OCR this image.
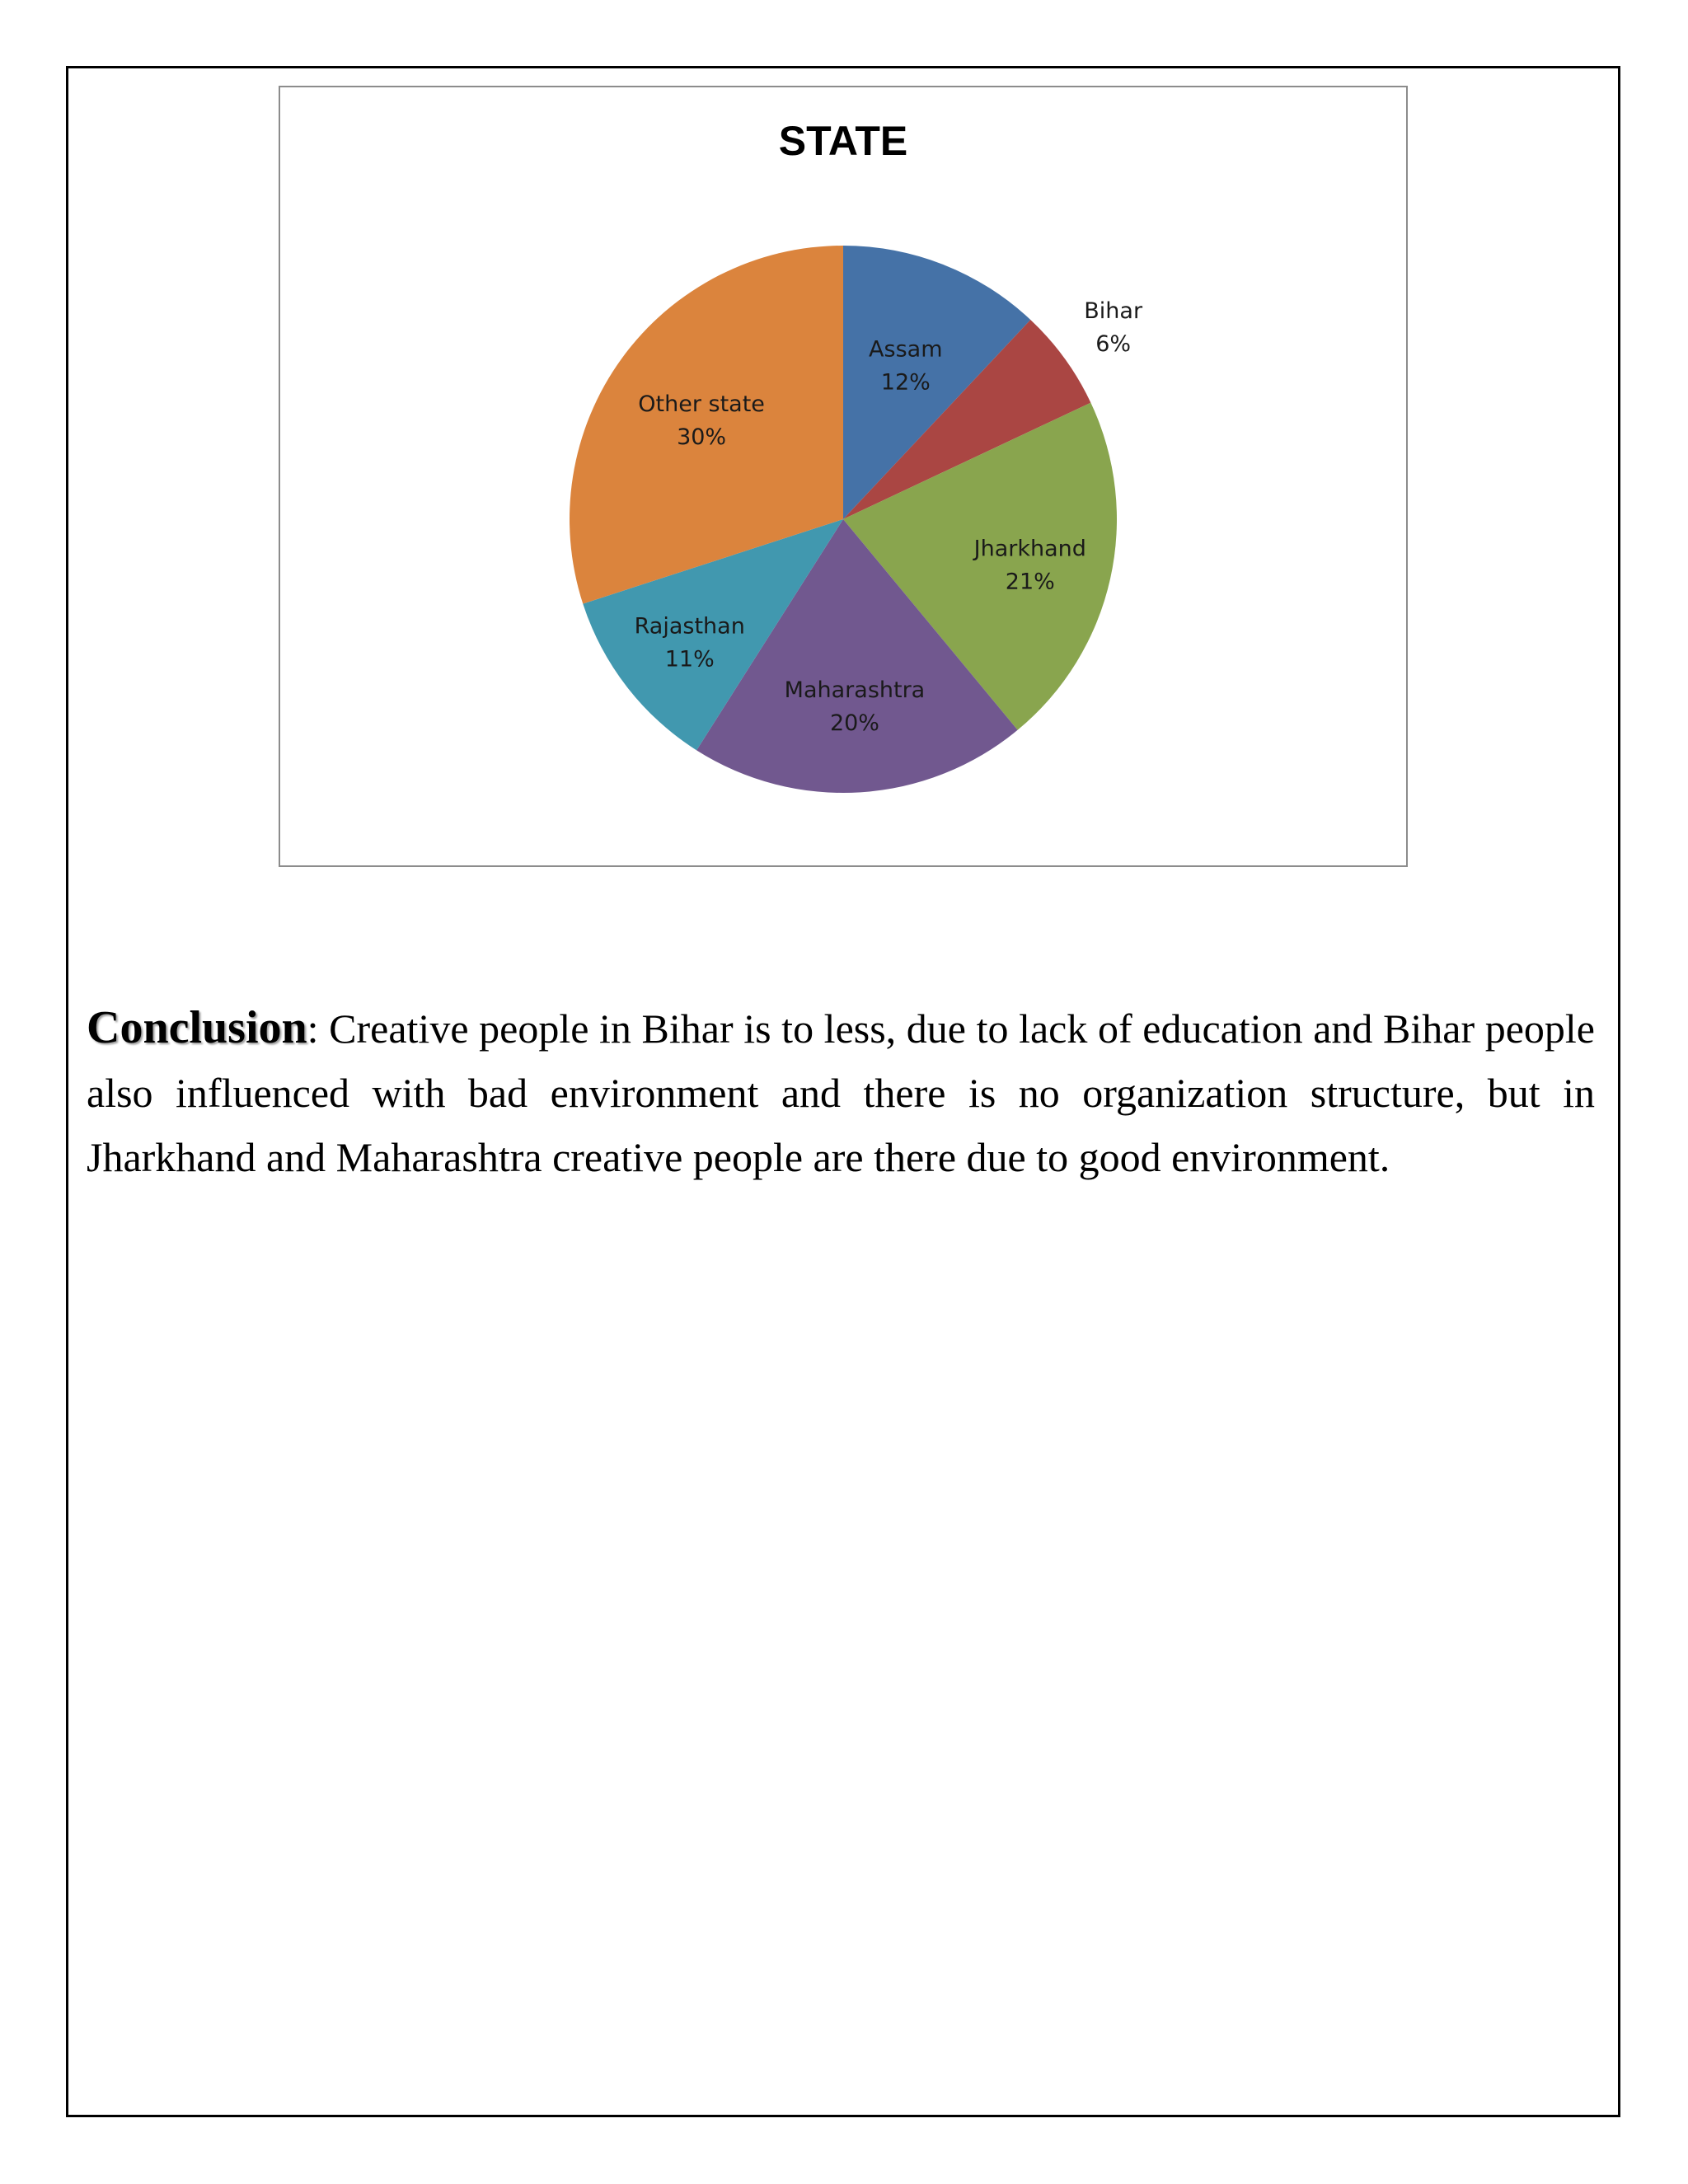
STATE
Assam
12%
Bihar
6%
Jharkhand
21%
Maharashtra
20%
Rajasthan
11%
Other state
30%
Conclusion: Creative people in Bihar is to less, due to lack of education and Bihar people also influenced with bad environment and there is no organization structure, but in Jharkhand and Maharashtra creative people are there due to good environment.
